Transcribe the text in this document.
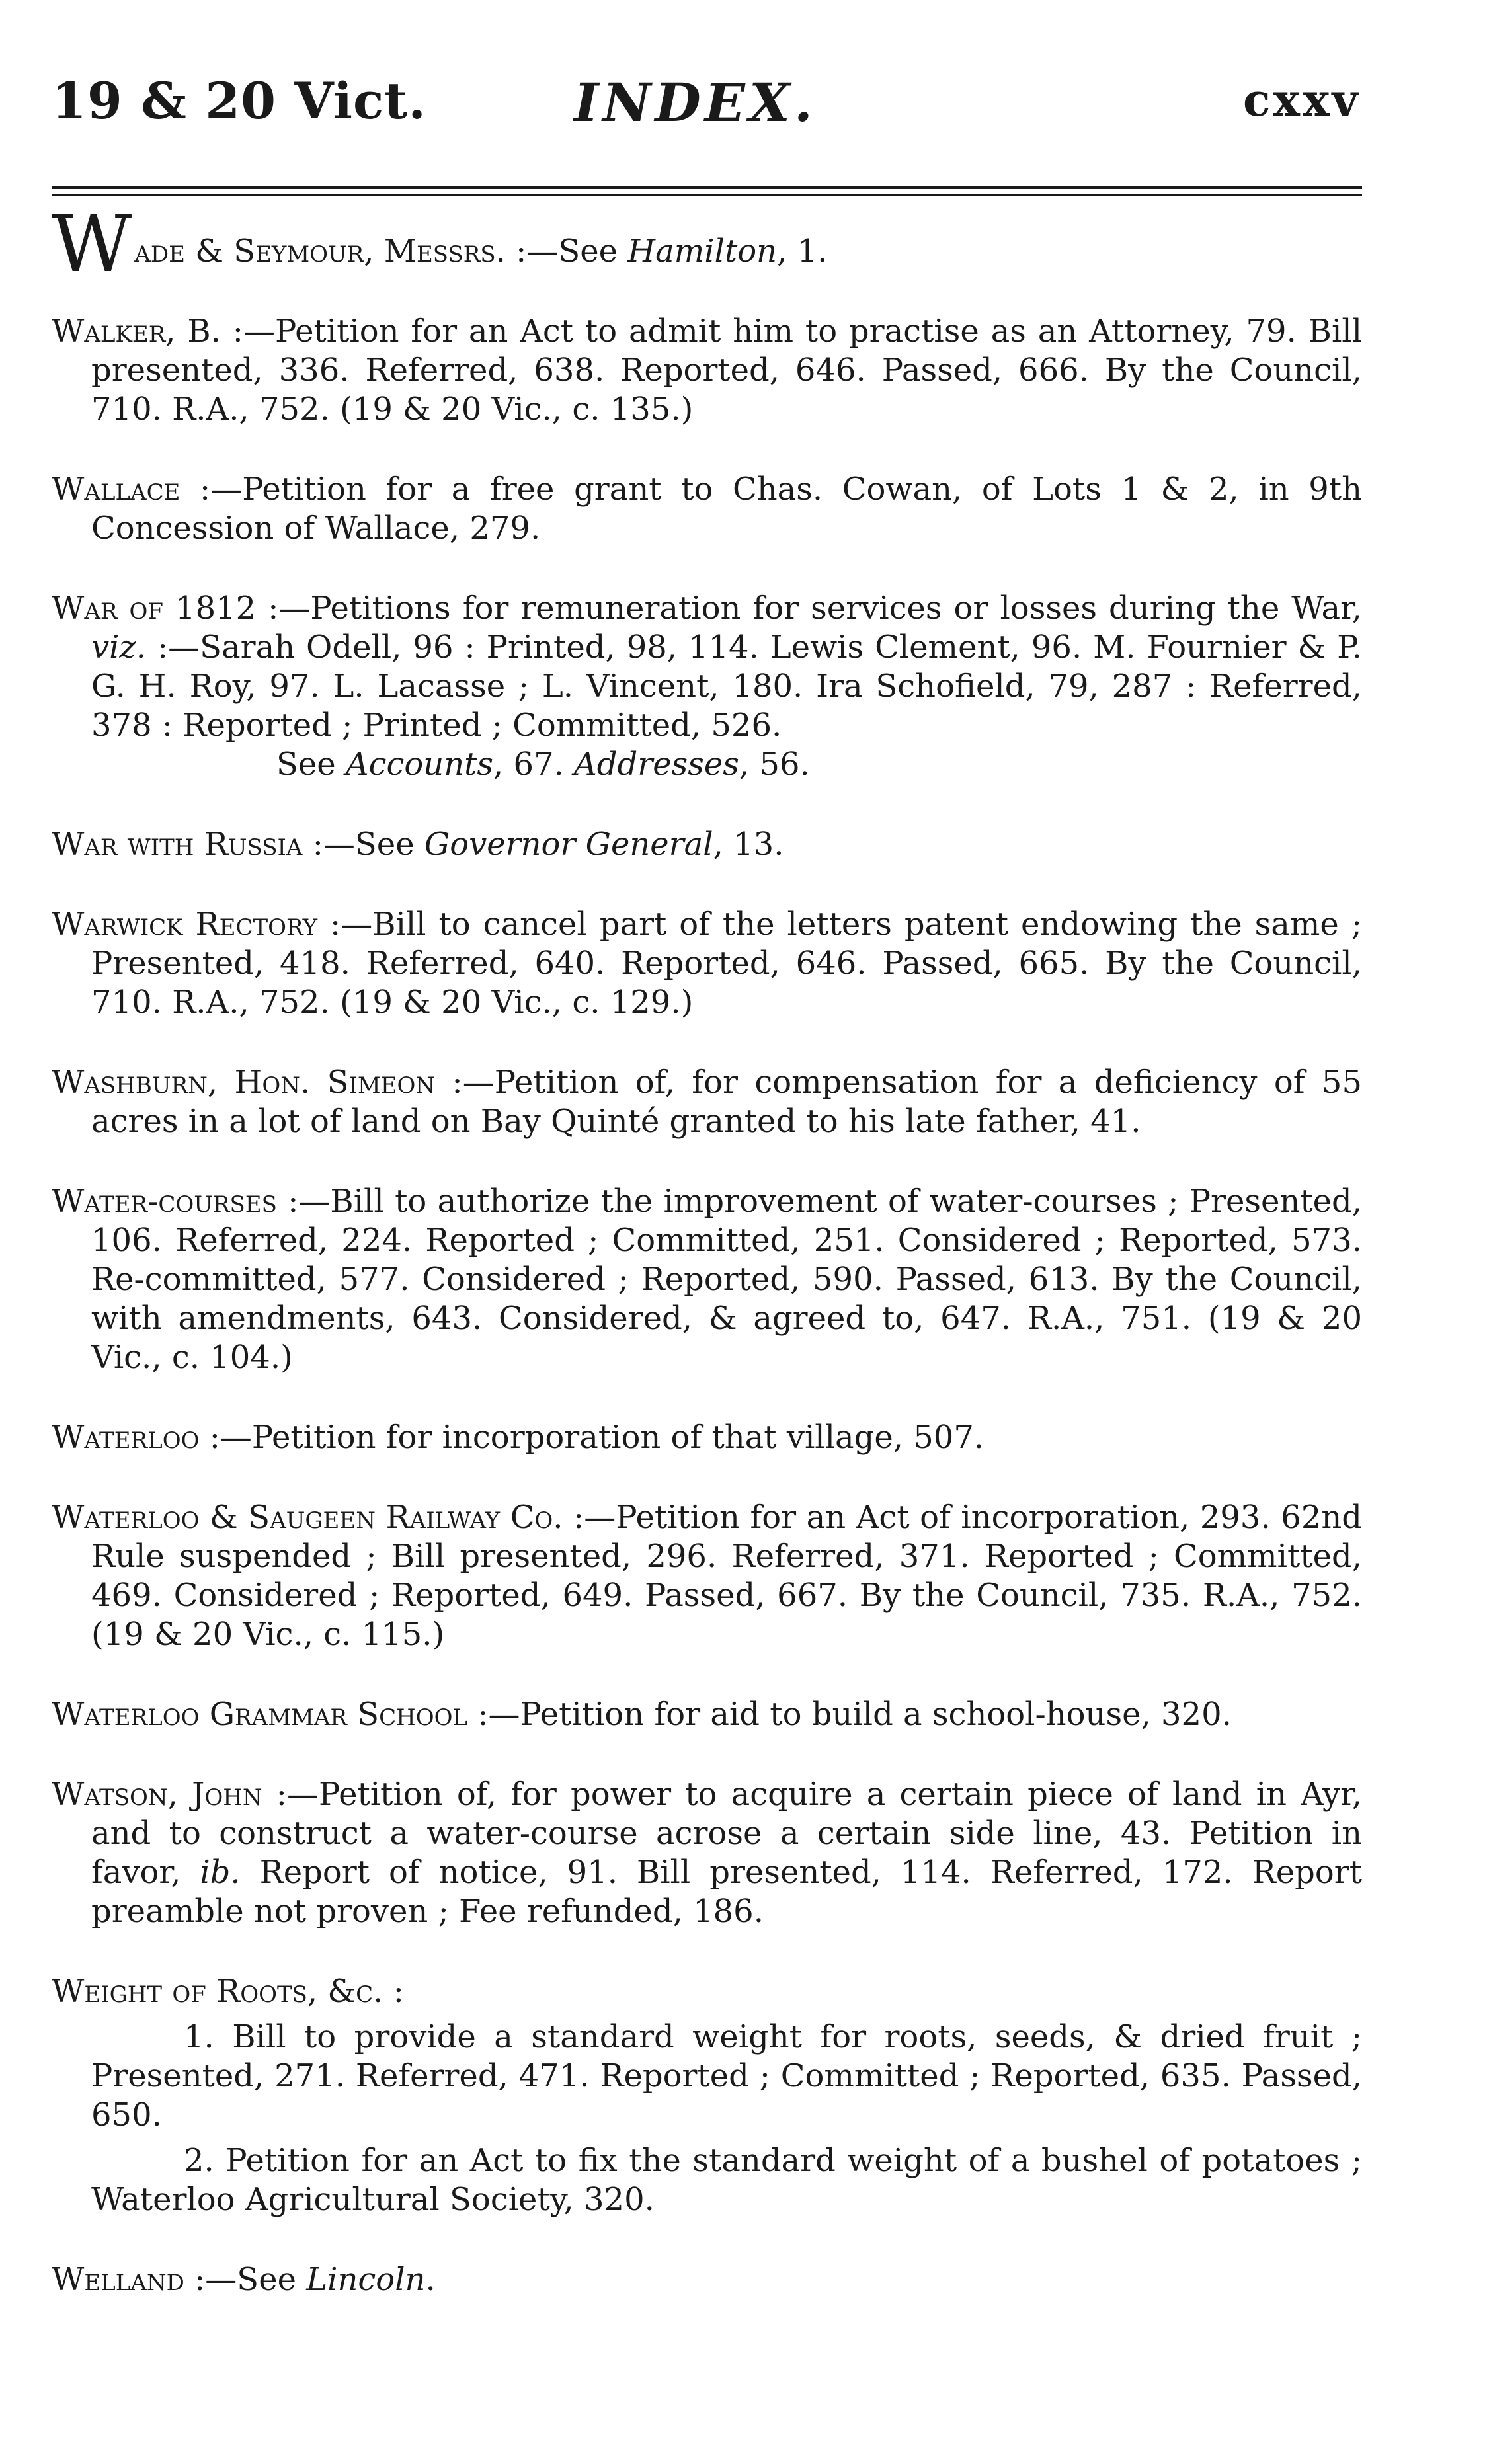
19 & 20 Vict.	INDEX.	cxxv
Wade & Seymour, Messrs. :—See Hamilton, 1.
Walker, B. :—Petition for an Act to admit him to practise as an Attorney, 79. Bill presented, 336. Referred, 638. Reported, 646. Passed, 666. By the Council, 710. R.A., 752. (19 & 20 Vic., c. 135.)
Wallace :—Petition for a free grant to Chas. Cowan, of Lots 1 & 2, in 9th Concession of Wallace, 279.
War of 1812 :—Petitions for remuneration for services or losses during the War, viz. :—Sarah Odell, 96 : Printed, 98, 114. Lewis Clement, 96. M. Fournier & P. G. H. Roy, 97. L. Lacasse ; L. Vincent, 180. Ira Schofield, 79, 287 : Referred, 378 : Reported ; Printed ; Committed, 526.
See Accounts, 67. Addresses, 56.
War with Russia :—See Governor General, 13.
Warwick Rectory :—Bill to cancel part of the letters patent endowing the same ; Presented, 418. Referred, 640. Reported, 646. Passed, 665. By the Council, 710. R.A., 752. (19 & 20 Vic., c. 129.)
Washburn, Hon. Simeon :—Petition of, for compensation for a deficiency of 55 acres in a lot of land on Bay Quinté granted to his late father, 41.
Water-courses :—Bill to authorize the improvement of water-courses ; Presented, 106. Referred, 224. Reported ; Committed, 251. Considered ; Reported, 573. Re-committed, 577. Considered ; Reported, 590. Passed, 613. By the Council, with amendments, 643. Considered, & agreed to, 647. R.A., 751. (19 & 20 Vic., c. 104.)
Waterloo :—Petition for incorporation of that village, 507.
Waterloo & Saugeen Railway Co. :—Petition for an Act of incorporation, 293. 62nd Rule suspended ; Bill presented, 296. Referred, 371. Reported ; Committed, 469. Considered ; Reported, 649. Passed, 667. By the Council, 735. R.A., 752. (19 & 20 Vic., c. 115.)
Waterloo Grammar School :—Petition for aid to build a school-house, 320.
Watson, John :—Petition of, for power to acquire a certain piece of land in Ayr, and to construct a water-course acrose a certain side line, 43. Petition in favor, ib. Report of notice, 91. Bill presented, 114. Referred, 172. Report preamble not proven ; Fee refunded, 186.
Weight of Roots, &c. :
1. Bill to provide a standard weight for roots, seeds, & dried fruit ; Presented, 271. Referred, 471. Reported ; Committed ; Reported, 635. Passed, 650.
2. Petition for an Act to fix the standard weight of a bushel of potatoes ; Waterloo Agricultural Society, 320.
Welland :—See Lincoln.
